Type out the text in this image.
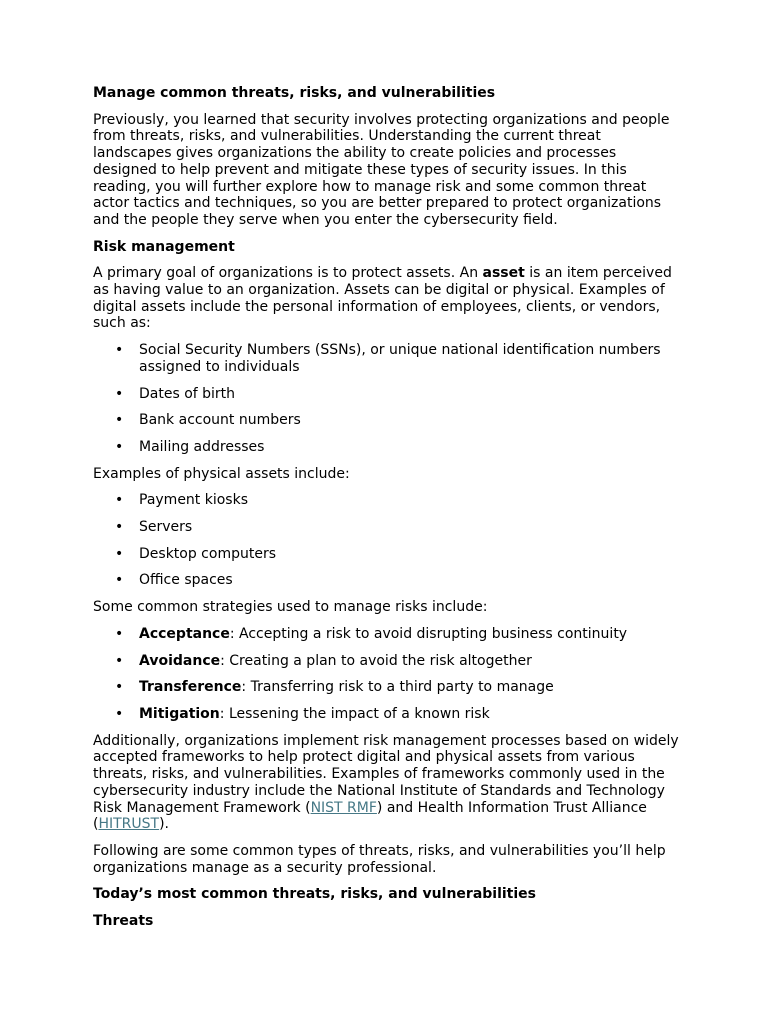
Manage common threats, risks, and vulnerabilities

Previously, you learned that security involves protecting organizations and people from threats, risks, and vulnerabilities. Understanding the current threat landscapes gives organizations the ability to create policies and processes designed to help prevent and mitigate these types of security issues. In this reading, you will further explore how to manage risk and some common threat actor tactics and techniques, so you are better prepared to protect organizations and the people they serve when you enter the cybersecurity field.

Risk management

A primary goal of organizations is to protect assets. An asset is an item perceived as having value to an organization. Assets can be digital or physical. Examples of digital assets include the personal information of employees, clients, or vendors, such as:

• Social Security Numbers (SSNs), or unique national identification numbers assigned to individuals
• Dates of birth
• Bank account numbers
• Mailing addresses

Examples of physical assets include:

• Payment kiosks
• Servers
• Desktop computers
• Office spaces

Some common strategies used to manage risks include:

• Acceptance: Accepting a risk to avoid disrupting business continuity
• Avoidance: Creating a plan to avoid the risk altogether
• Transference: Transferring risk to a third party to manage
• Mitigation: Lessening the impact of a known risk

Additionally, organizations implement risk management processes based on widely accepted frameworks to help protect digital and physical assets from various threats, risks, and vulnerabilities. Examples of frameworks commonly used in the cybersecurity industry include the National Institute of Standards and Technology Risk Management Framework (NIST RMF) and Health Information Trust Alliance (HITRUST).

Following are some common types of threats, risks, and vulnerabilities you’ll help organizations manage as a security professional.

Today’s most common threats, risks, and vulnerabilities

Threats
